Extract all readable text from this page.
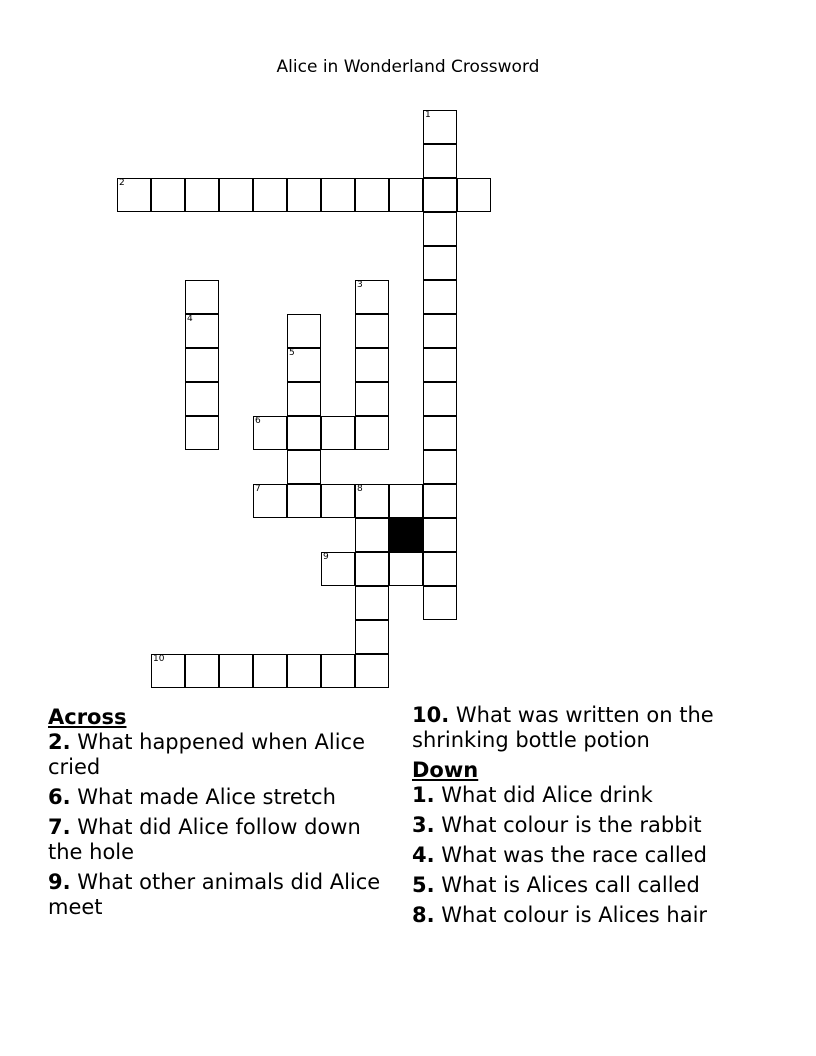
Alice in Wonderland Crossword
2
1
4
5
3
6
7	8
9
10
Across
2. What happened when Alice cried
6. What made Alice stretch
7. What did Alice follow down the hole
9. What other animals did Alice meet
10. What was written on the shrinking bottle potion
Down
1. What did Alice drink
3. What colour is the rabbit
4. What was the race called
5. What is Alices call called
8. What colour is Alices hair
